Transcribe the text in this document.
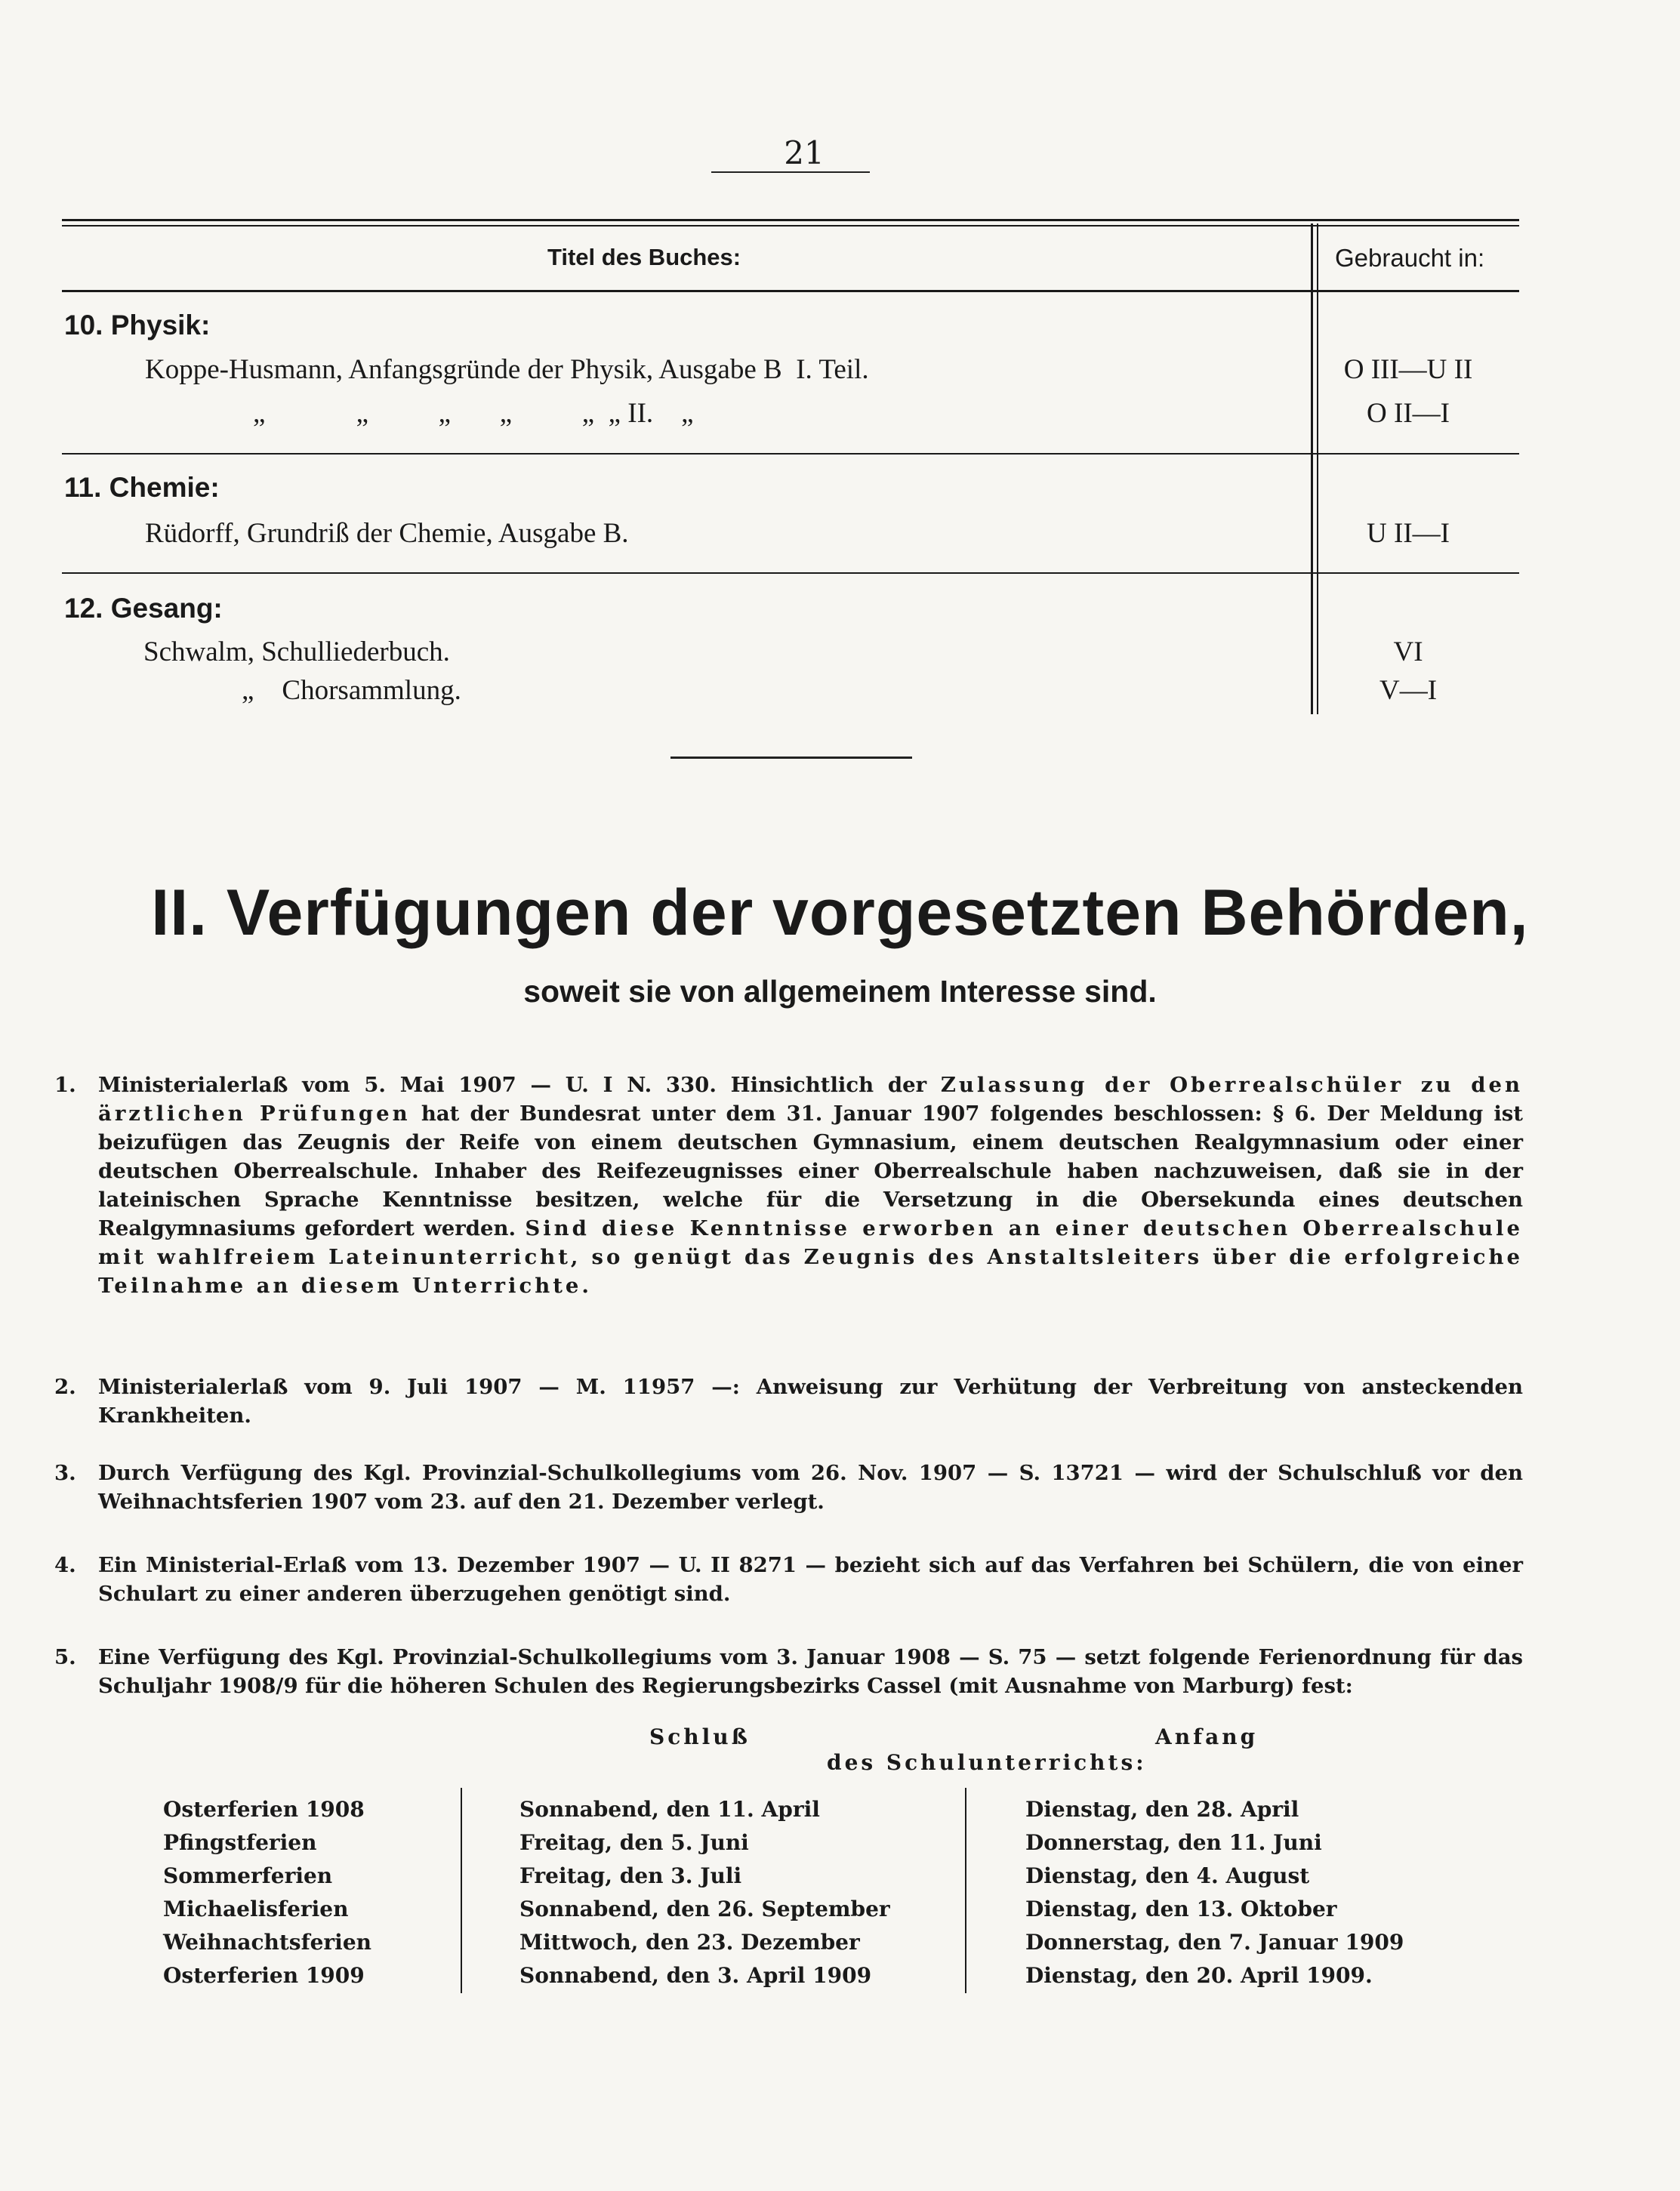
21
Titel des Buches:	Gebraucht in:
10. Physik:
Koppe-Husmann, Anfangsgründe der Physik, Ausgabe B  I. Teil.	O III—U II
„             „          „       „          „  „ II.    „	O II—I
11. Chemie:
Rüdorff, Grundriß der Chemie, Ausgabe B.	U II—I
12. Gesang:
Schwalm, Schulliederbuch.	VI
„    Chorsammlung.	V—I
II. Verfügungen der vorgesetzten Behörden,
soweit sie von allgemeinem Interesse sind.
1. Ministerialerlaß vom 5. Mai 1907 — U. I N. 330. Hinsichtlich der Zulassung der Oberrealschüler zu den ärztlichen Prüfungen hat der Bundesrat unter dem 31. Januar 1907 folgendes beschlossen: § 6. Der Meldung ist beizufügen das Zeugnis der Reife von einem deutschen Gymnasium, einem deutschen Realgymnasium oder einer deutschen Oberrealschule. Inhaber des Reifezeugnisses einer Oberrealschule haben nachzuweisen, daß sie in der lateinischen Sprache Kenntnisse besitzen, welche für die Versetzung in die Obersekunda eines deutschen Realgymnasiums gefordert werden. Sind diese Kenntnisse erworben an einer deutschen Oberrealschule mit wahlfreiem Lateinunterricht, so genügt das Zeugnis des Anstaltsleiters über die erfolgreiche Teilnahme an diesem Unterrichte.
2. Ministerialerlaß vom 9. Juli 1907 — M. 11957 —: Anweisung zur Verhütung der Verbreitung von ansteckenden Krankheiten.
3. Durch Verfügung des Kgl. Provinzial-Schulkollegiums vom 26. Nov. 1907 — S. 13721 — wird der Schulschluß vor den Weihnachtsferien 1907 vom 23. auf den 21. Dezember verlegt.
4. Ein Ministerial-Erlaß vom 13. Dezember 1907 — U. II 8271 — bezieht sich auf das Verfahren bei Schülern, die von einer Schulart zu einer anderen überzugehen genötigt sind.
5. Eine Verfügung des Kgl. Provinzial-Schulkollegiums vom 3. Januar 1908 — S. 75 — setzt folgende Ferienordnung für das Schuljahr 1908/9 für die höheren Schulen des Regierungsbezirks Cassel (mit Ausnahme von Marburg) fest:
Schluß	Anfang
des Schulunterrichts:
Osterferien 1908	Sonnabend, den 11. April	Dienstag, den 28. April
Pfingstferien	Freitag, den 5. Juni	Donnerstag, den 11. Juni
Sommerferien	Freitag, den 3. Juli	Dienstag, den 4. August
Michaelisferien	Sonnabend, den 26. September	Dienstag, den 13. Oktober
Weihnachtsferien	Mittwoch, den 23. Dezember	Donnerstag, den 7. Januar 1909
Osterferien 1909	Sonnabend, den 3. April 1909	Dienstag, den 20. April 1909.
